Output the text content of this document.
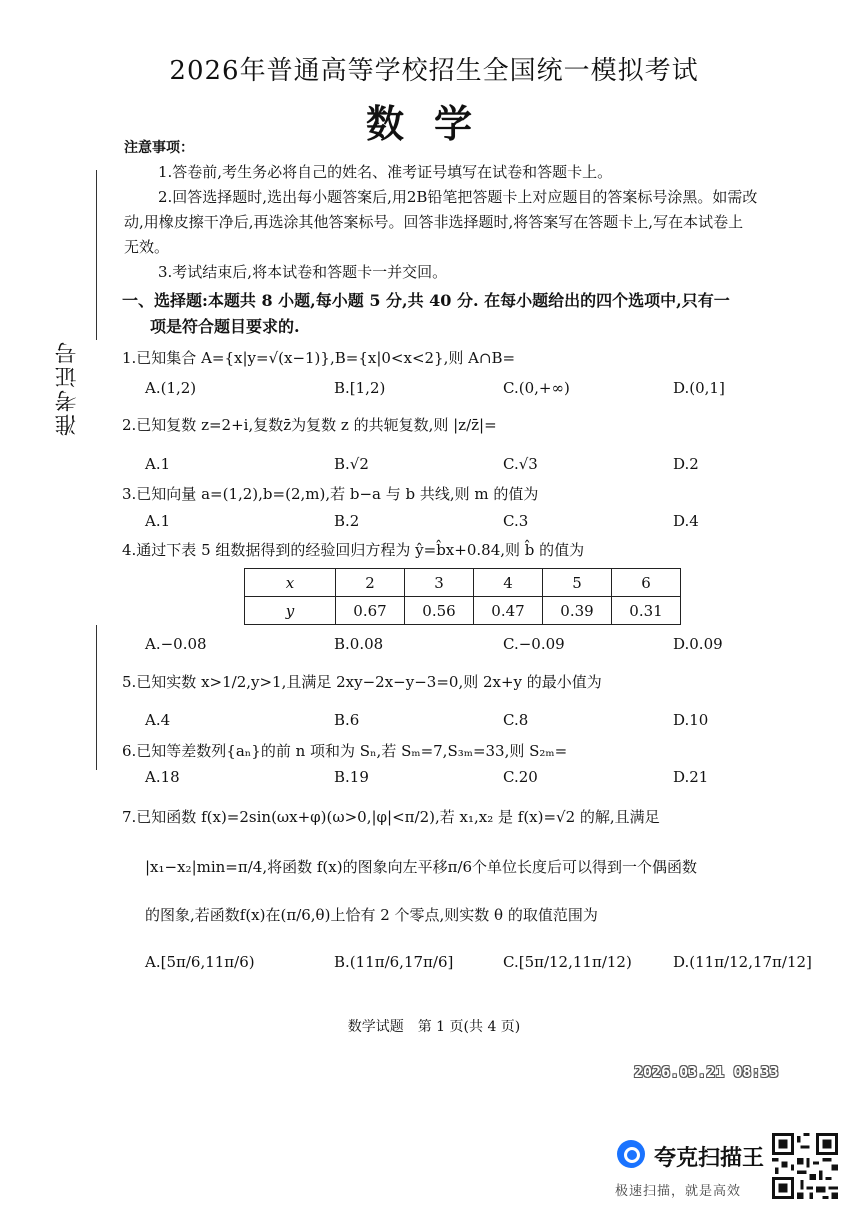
2026年普通高等学校招生全国统一模拟考试
数学
准考证号
注意事项：
1.答卷前,考生务必将自己的姓名、准考证号填写在试卷和答题卡上。
2.回答选择题时,选出每小题答案后,用2B铅笔把答题卡上对应题目的答案标号涂黑。如需改
动,用橡皮擦干净后,再选涂其他答案标号。回答非选择题时,将答案写在答题卡上,写在本试卷上
无效。
3.考试结束后,将本试卷和答题卡一并交回。
一、选择题:本题共 8 小题,每小题 5 分,共 40 分. 在每小题给出的四个选项中,只有一
项是符合题目要求的.
1.已知集合 A={x|y=√(x−1)},B={x|0<x<2},则 A∩B=
A.(1,2)	B.[1,2)	C.(0,+∞)	D.(0,1]
2.已知复数 z=2+i,复数z̄为复数 z 的共轭复数,则 |z/z̄|=
A.1	B.√2	C.√3	D.2
3.已知向量 a=(1,2),b=(2,m),若 b−a 与 b 共线,则 m 的值为
A.1	B.2	C.3	D.4
4.通过下表 5 组数据得到的经验回归方程为 ŷ=b̂x+0.84,则 b̂ 的值为
x	2	3	4	5	6
y	0.67	0.56	0.47	0.39	0.31
A.−0.08	B.0.08	C.−0.09	D.0.09
5.已知实数 x>1/2,y>1,且满足 2xy−2x−y−3=0,则 2x+y 的最小值为
A.4	B.6	C.8	D.10
6.已知等差数列{aₙ}的前 n 项和为 Sₙ,若 Sₘ=7,S₃ₘ=33,则 S₂ₘ=
A.18	B.19	C.20	D.21
7.已知函数 f(x)=2sin(ωx+φ)(ω>0,|φ|<π/2),若 x₁,x₂ 是 f(x)=√2 的解,且满足
|x₁−x₂|min=π/4,将函数 f(x)的图象向左平移π/6个单位长度后可以得到一个偶函数
的图象,若函数f(x)在(π/6,θ)上恰有 2 个零点,则实数 θ 的取值范围为
A.[5π/6,11π/6)	B.(11π/6,17π/6]	C.[5π/12,11π/12)	D.(11π/12,17π/12]
数学试题　第 1 页(共 4 页)
2026.03.21 08:33
夸克扫描王
极速扫描，就是高效
